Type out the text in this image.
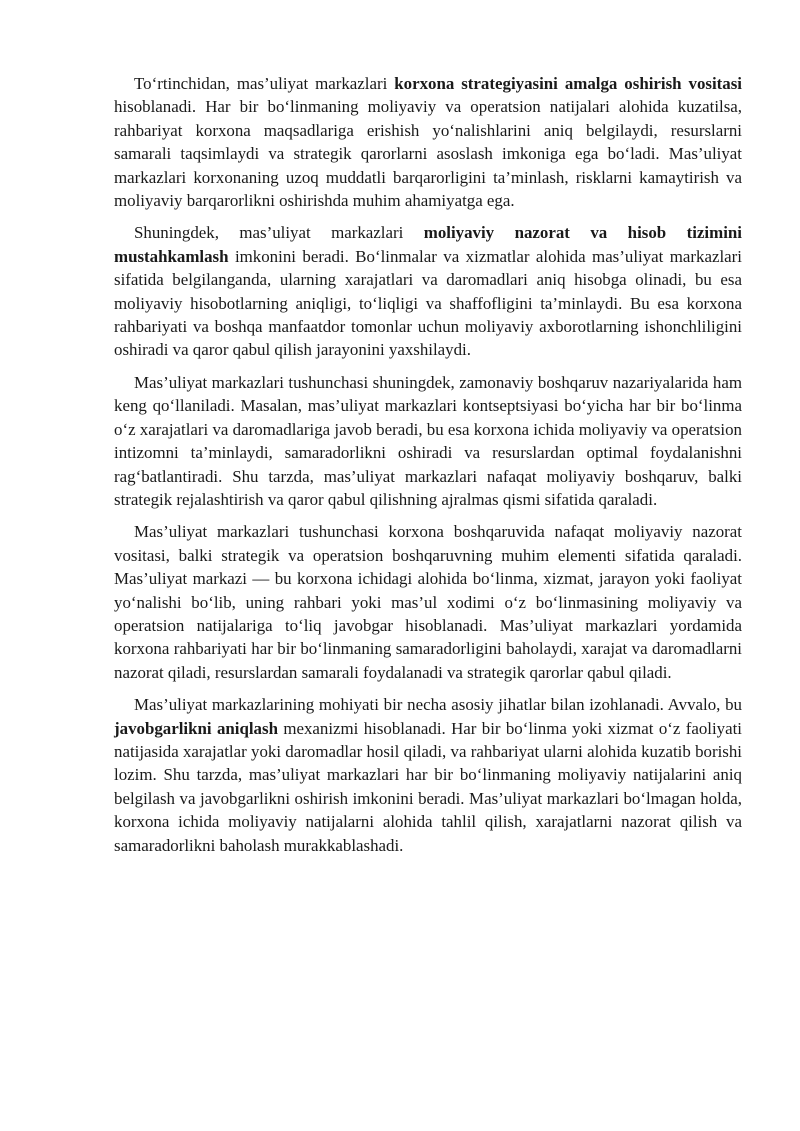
To‘rtinchidan, mas’uliyat markazlari korxona strategiyasini amalga oshirish vositasi hisoblanadi. Har bir bo‘linmaning moliyaviy va operatsion natijalari alohida kuzatilsa, rahbariyat korxona maqsadlariga erishish yo‘nalishlarini aniq belgilaydi, resurslarni samarali taqsimlaydi va strategik qarorlarni asoslash imkoniga ega bo‘ladi. Mas’uliyat markazlari korxonaning uzoq muddatli barqarorligini ta’minlash, risklarni kamaytirish va moliyaviy barqarorlikni oshirishda muhim ahamiyatga ega.

Shuningdek, mas’uliyat markazlari moliyaviy nazorat va hisob tizimini mustahkamlash imkonini beradi. Bo‘linmalar va xizmatlar alohida mas’uliyat markazlari sifatida belgilanganda, ularning xarajatlari va daromadlari aniq hisobga olinadi, bu esa moliyaviy hisobotlarning aniqligi, to‘liqligi va shaffofligini ta’minlaydi. Bu esa korxona rahbariyati va boshqa manfaatdor tomonlar uchun moliyaviy axborotlarning ishonchliligini oshiradi va qaror qabul qilish jarayonini yaxshilaydi.

Mas’uliyat markazlari tushunchasi shuningdek, zamonaviy boshqaruv nazariyalarida ham keng qo‘llaniladi. Masalan, mas’uliyat markazlari kontseptsiyasi bo‘yicha har bir bo‘linma o‘z xarajatlari va daromadlariga javob beradi, bu esa korxona ichida moliyaviy va operatsion intizomni ta’minlaydi, samaradorlikni oshiradi va resurslardan optimal foydalanishni rag‘batlantiradi. Shu tarzda, mas’uliyat markazlari nafaqat moliyaviy boshqaruv, balki strategik rejalashtirish va qaror qabul qilishning ajralmas qismi sifatida qaraladi.

Mas’uliyat markazlari tushunchasi korxona boshqaruvida nafaqat moliyaviy nazorat vositasi, balki strategik va operatsion boshqaruvning muhim elementi sifatida qaraladi. Mas’uliyat markazi — bu korxona ichidagi alohida bo‘linma, xizmat, jarayon yoki faoliyat yo‘nalishi bo‘lib, uning rahbari yoki mas’ul xodimi o‘z bo‘linmasining moliyaviy va operatsion natijalariga to‘liq javobgar hisoblanadi. Mas’uliyat markazlari yordamida korxona rahbariyati har bir bo‘linmaning samaradorligini baholaydi, xarajat va daromadlarni nazorat qiladi, resurslardan samarali foydalanadi va strategik qarorlar qabul qiladi.

Mas’uliyat markazlarining mohiyati bir necha asosiy jihatlar bilan izohlanadi. Avvalo, bu javobgarlikni aniqlash mexanizmi hisoblanadi. Har bir bo‘linma yoki xizmat o‘z faoliyati natijasida xarajatlar yoki daromadlar hosil qiladi, va rahbariyat ularni alohida kuzatib borishi lozim. Shu tarzda, mas’uliyat markazlari har bir bo‘linmaning moliyaviy natijalarini aniq belgilash va javobgarlikni oshirish imkonini beradi. Mas’uliyat markazlari bo‘lmagan holda, korxona ichida moliyaviy natijalarni alohida tahlil qilish, xarajatlarni nazorat qilish va samaradorlikni baholash murakkablashadi.
